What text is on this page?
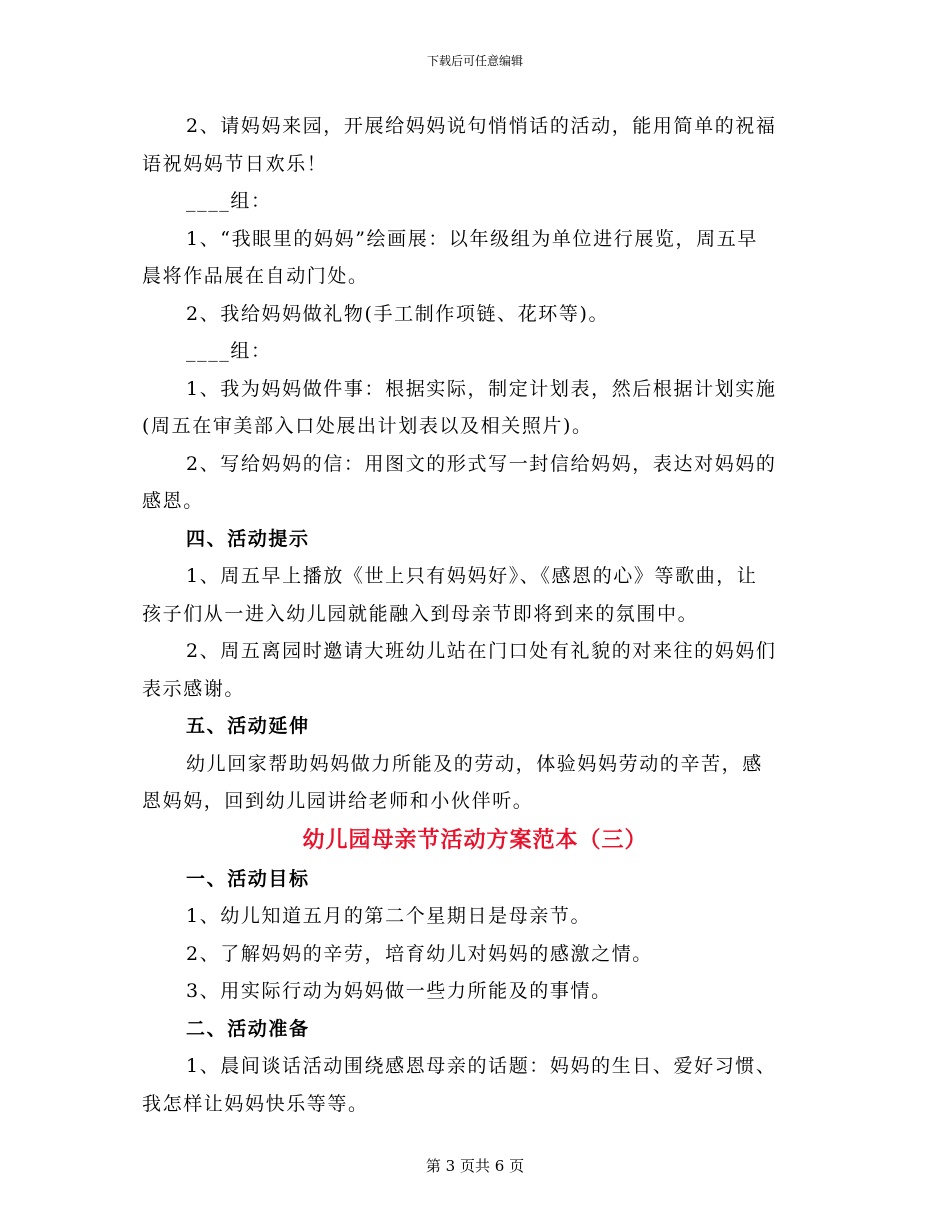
下载后可任意编辑

2、请妈妈来园，开展给妈妈说句悄悄话的活动，能用简单的祝福

语祝妈妈节日欢乐！

____组：

1、“我眼里的妈妈”绘画展：以年级组为单位进行展览，周五早

晨将作品展在自动门处。

2、我给妈妈做礼物(手工制作项链、花环等)。

____组：

1、我为妈妈做件事：根据实际，制定计划表，然后根据计划实施

(周五在审美部入口处展出计划表以及相关照片)。

2、写给妈妈的信：用图文的形式写一封信给妈妈，表达对妈妈的

感恩。

四、活动提示

1、周五早上播放《世上只有妈妈好》、《感恩的心》等歌曲，让

孩子们从一进入幼儿园就能融入到母亲节即将到来的氛围中。

2、周五离园时邀请大班幼儿站在门口处有礼貌的对来往的妈妈们

表示感谢。

五、活动延伸

幼儿回家帮助妈妈做力所能及的劳动，体验妈妈劳动的辛苦，感

恩妈妈，回到幼儿园讲给老师和小伙伴听。

幼儿园母亲节活动方案范本（三）

一、活动目标

1、幼儿知道五月的第二个星期日是母亲节。

2、了解妈妈的辛劳，培育幼儿对妈妈的感激之情。

3、用实际行动为妈妈做一些力所能及的事情。

二、活动准备

1、晨间谈话活动围绕感恩母亲的话题：妈妈的生日、爱好习惯、

我怎样让妈妈快乐等等。

第 3 页共 6 页
